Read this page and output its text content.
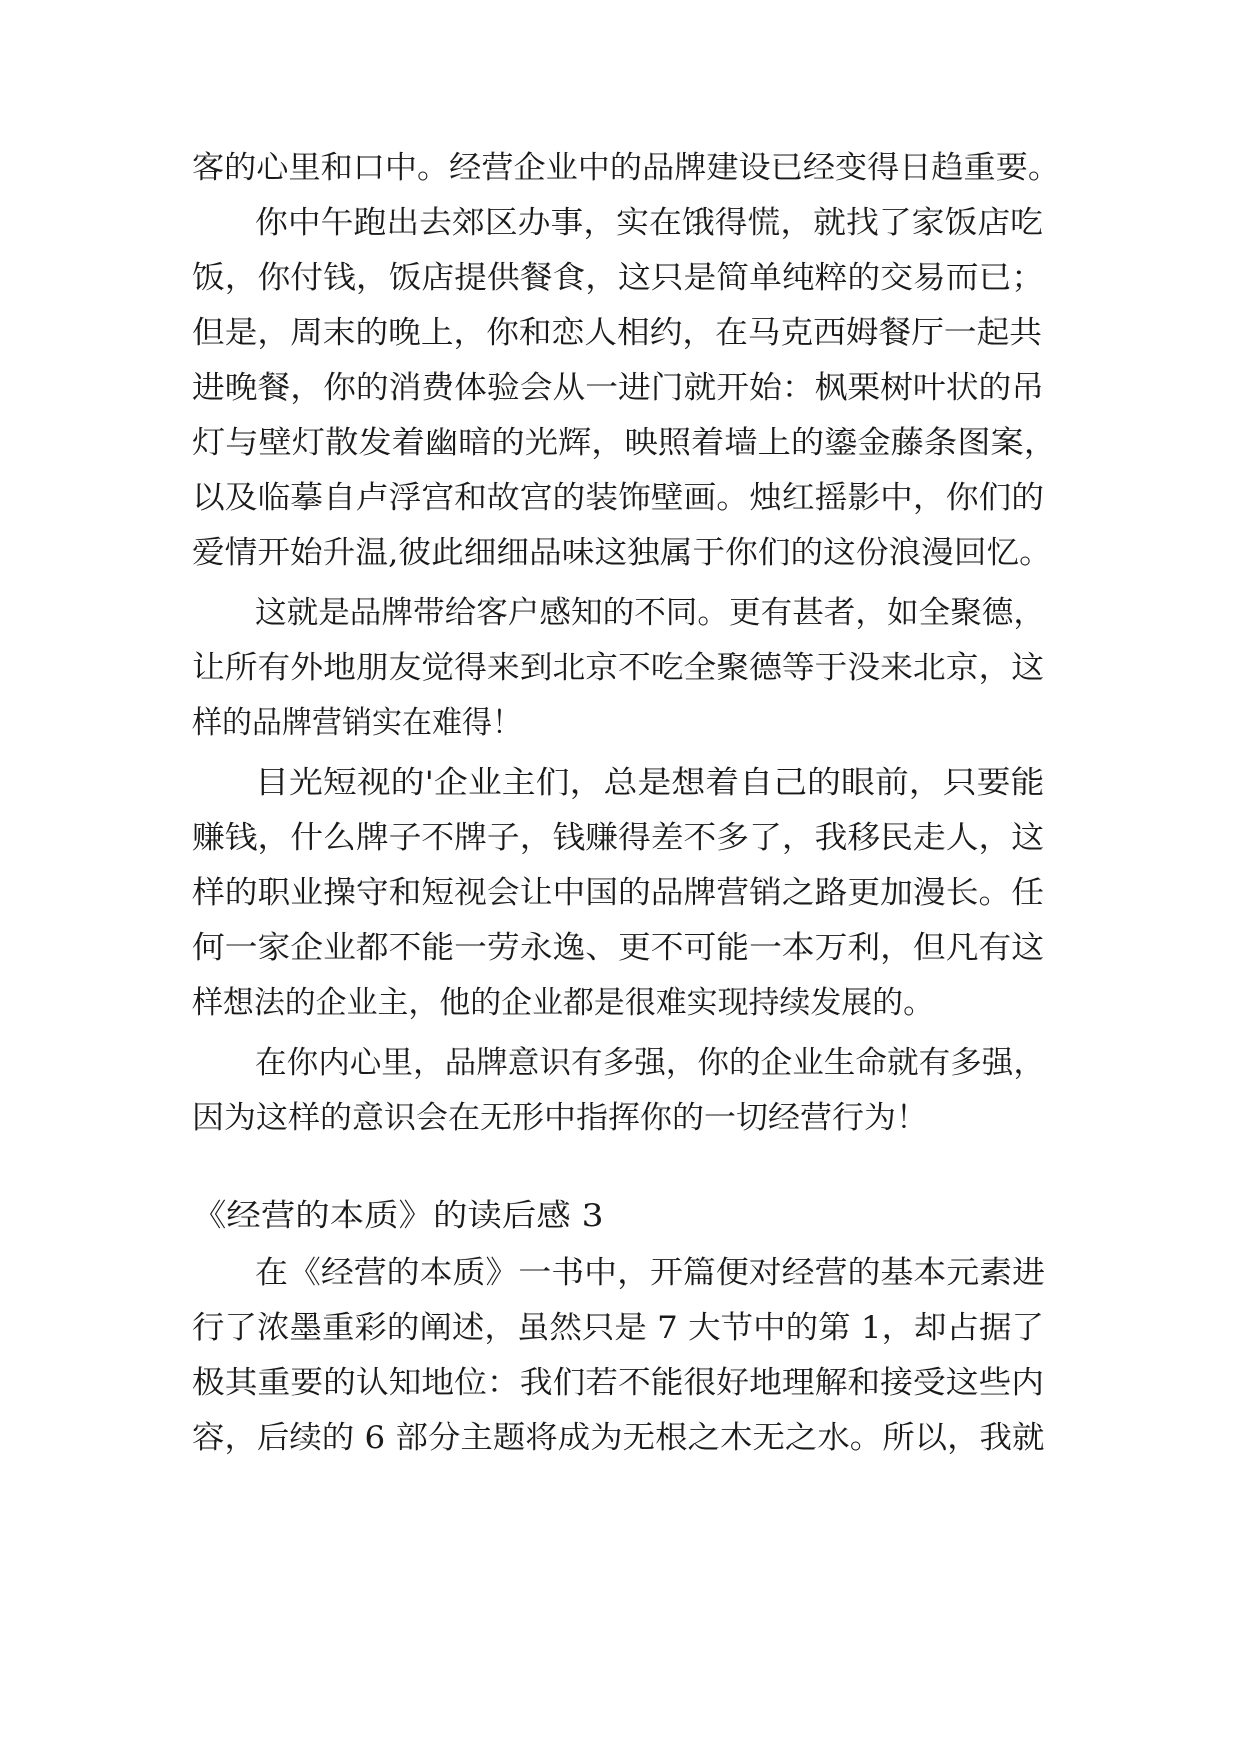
客的心里和口中。经营企业中的品牌建设已经变得日趋重要。

你中午跑出去郊区办事，实在饿得慌，就找了家饭店吃

饭，你付钱，饭店提供餐食，这只是简单纯粹的交易而已；

但是，周末的晚上，你和恋人相约，在马克西姆餐厅一起共

进晚餐，你的消费体验会从一进门就开始：枫栗树叶状的吊

灯与壁灯散发着幽暗的光辉，映照着墙上的鎏金藤条图案，

以及临摹自卢浮宫和故宫的装饰壁画。烛红摇影中，你们的

爱情开始升温,彼此细细品味这独属于你们的这份浪漫回忆。

这就是品牌带给客户感知的不同。更有甚者，如全聚德，

让所有外地朋友觉得来到北京不吃全聚德等于没来北京，这

样的品牌营销实在难得！

目光短视的'企业主们，总是想着自己的眼前，只要能

赚钱，什么牌子不牌子，钱赚得差不多了，我移民走人，这

样的职业操守和短视会让中国的品牌营销之路更加漫长。任

何一家企业都不能一劳永逸、更不可能一本万利，但凡有这

样想法的企业主，他的企业都是很难实现持续发展的。

在你内心里，品牌意识有多强，你的企业生命就有多强，

因为这样的意识会在无形中指挥你的一切经营行为！

《经营的本质》的读后感 3

在《经营的本质》一书中，开篇便对经营的基本元素进

行了浓墨重彩的阐述，虽然只是 7 大节中的第 1，却占据了

极其重要的认知地位：我们若不能很好地理解和接受这些内

容，后续的 6 部分主题将成为无根之木无之水。所以，我就
